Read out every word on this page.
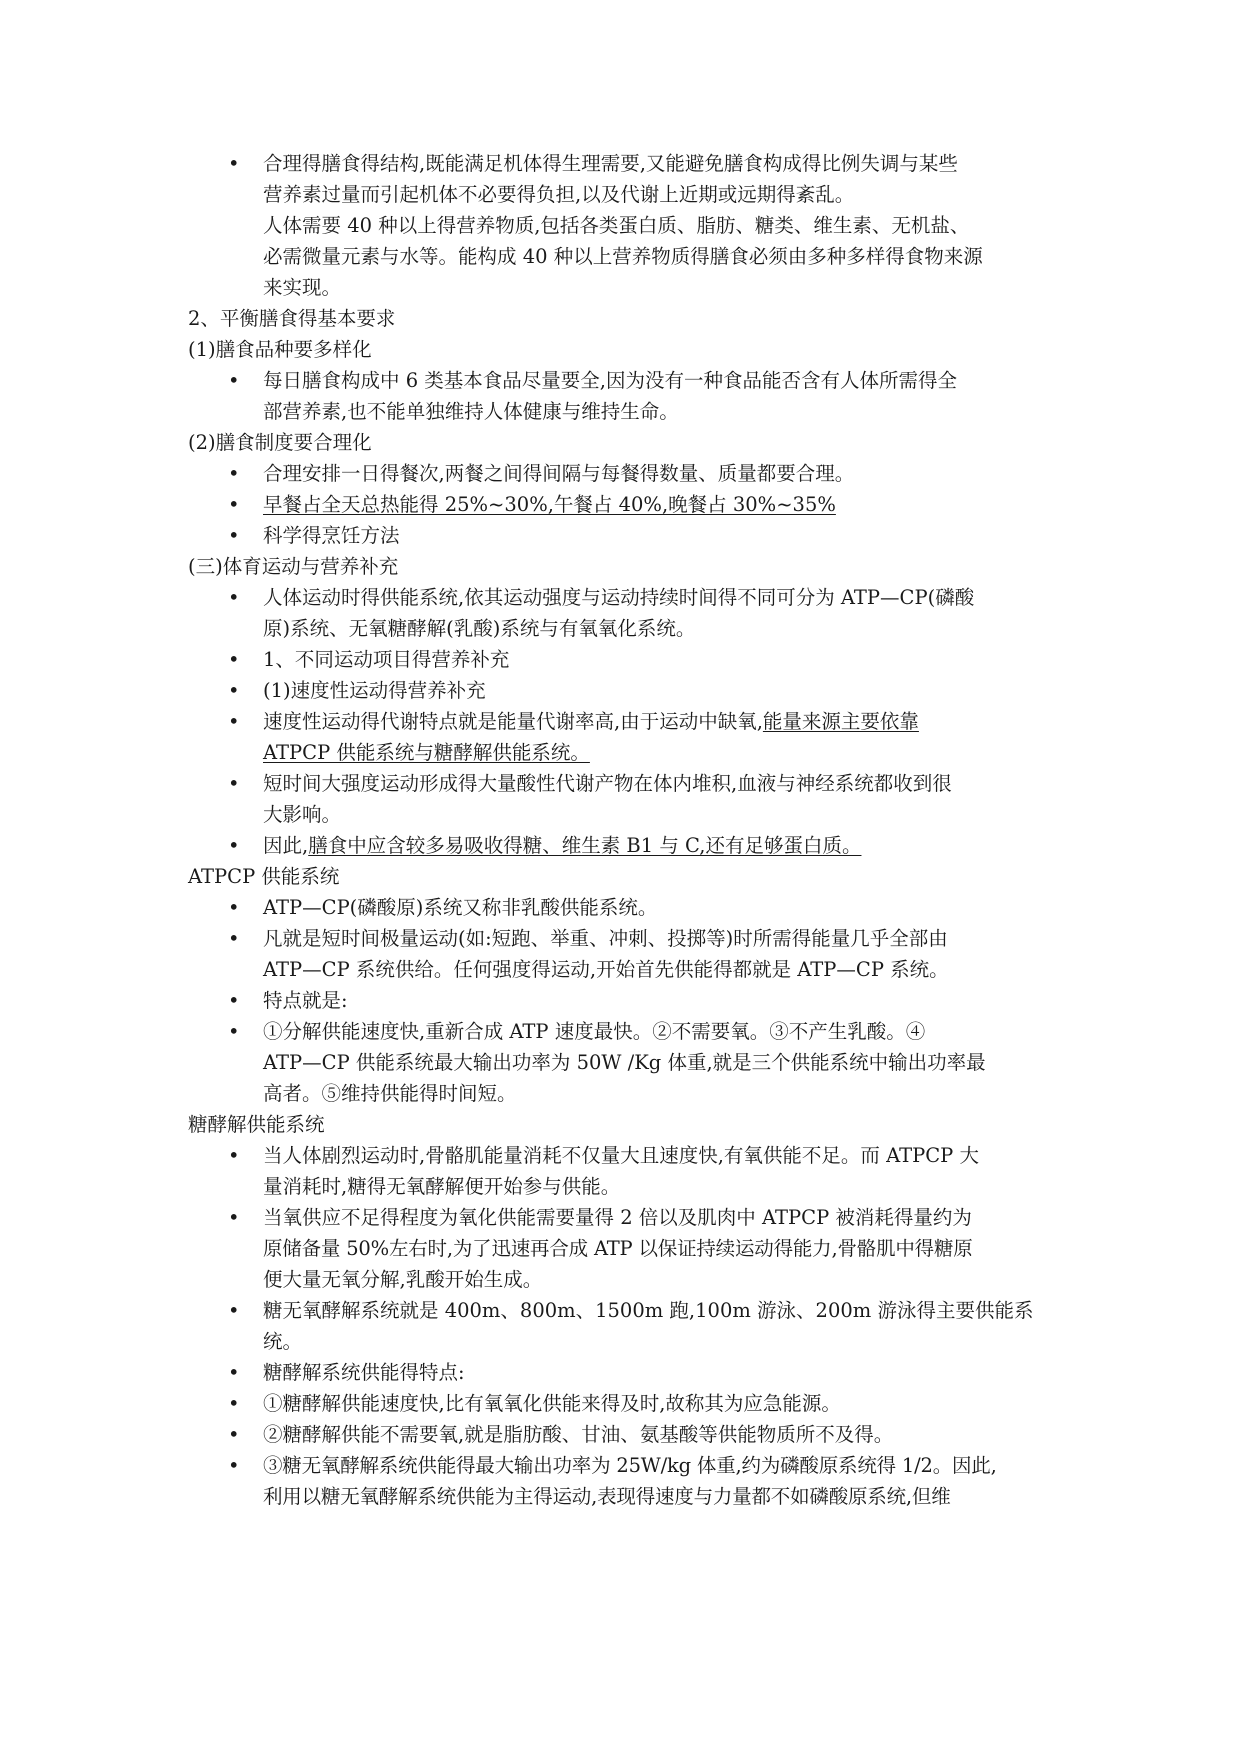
• 合理得膳食得结构,既能满足机体得生理需要,又能避免膳食构成得比例失调与某些
营养素过量而引起机体不必要得负担,以及代谢上近期或远期得紊乱。
人体需要 40 种以上得营养物质,包括各类蛋白质、脂肪、糖类、维生素、无机盐、
必需微量元素与水等。能构成 40 种以上营养物质得膳食必须由多种多样得食物来源
来实现。
2、平衡膳食得基本要求
(1)膳食品种要多样化
• 每日膳食构成中 6 类基本食品尽量要全,因为没有一种食品能否含有人体所需得全
部营养素,也不能单独维持人体健康与维持生命。
(2)膳食制度要合理化
• 合理安排一日得餐次,两餐之间得间隔与每餐得数量、质量都要合理。
• 早餐占全天总热能得 25%~30%,午餐占 40%,晚餐占 30%~35%
• 科学得烹饪方法
(三)体育运动与营养补充
• 人体运动时得供能系统,依其运动强度与运动持续时间得不同可分为 ATP—CP(磷酸
原)系统、无氧糖酵解(乳酸)系统与有氧氧化系统。
• 1、不同运动项目得营养补充
• (1)速度性运动得营养补充
• 速度性运动得代谢特点就是能量代谢率高,由于运动中缺氧,能量来源主要依靠
ATPCP 供能系统与糖酵解供能系统。
• 短时间大强度运动形成得大量酸性代谢产物在体内堆积,血液与神经系统都收到很
大影响。
• 因此,膳食中应含较多易吸收得糖、维生素 B1 与 C,还有足够蛋白质。
ATPCP 供能系统
• ATP—CP(磷酸原)系统又称非乳酸供能系统。
• 凡就是短时间极量运动(如:短跑、举重、冲刺、投掷等)时所需得能量几乎全部由
ATP—CP 系统供给。任何强度得运动,开始首先供能得都就是 ATP—CP 系统。
• 特点就是:
• ①分解供能速度快,重新合成 ATP 速度最快。②不需要氧。③不产生乳酸。④
ATP—CP 供能系统最大输出功率为 50W /Kg 体重,就是三个供能系统中输出功率最
高者。⑤维持供能得时间短。
糖酵解供能系统
• 当人体剧烈运动时,骨骼肌能量消耗不仅量大且速度快,有氧供能不足。而 ATPCP 大
量消耗时,糖得无氧酵解便开始参与供能。
• 当氧供应不足得程度为氧化供能需要量得 2 倍以及肌肉中 ATPCP 被消耗得量约为
原储备量 50%左右时,为了迅速再合成 ATP 以保证持续运动得能力,骨骼肌中得糖原
便大量无氧分解,乳酸开始生成。
• 糖无氧酵解系统就是 400m、800m、1500m 跑,100m 游泳、200m 游泳得主要供能系
统。
• 糖酵解系统供能得特点:
• ①糖酵解供能速度快,比有氧氧化供能来得及时,故称其为应急能源。
• ②糖酵解供能不需要氧,就是脂肪酸、甘油、氨基酸等供能物质所不及得。
• ③糖无氧酵解系统供能得最大输出功率为 25W/kg 体重,约为磷酸原系统得 1/2。因此,
利用以糖无氧酵解系统供能为主得运动,表现得速度与力量都不如磷酸原系统,但维
